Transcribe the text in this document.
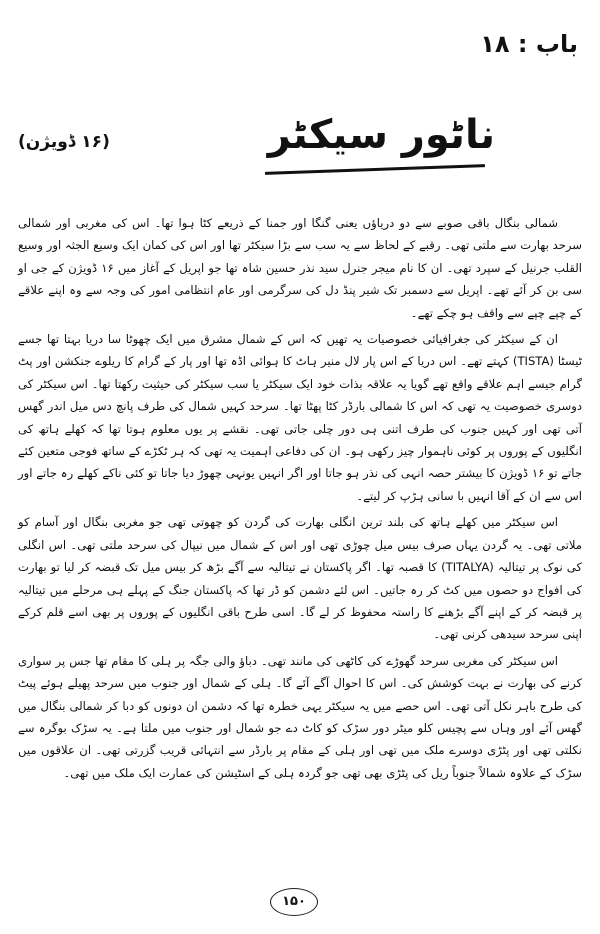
باب : ۱۸
ناٹور سیکٹر
(۱۶ ڈویژن)

شمالی بنگال باقی صوبے سے دو دریاؤں یعنی گنگا اور جمنا کے ذریعے کٹا ہوا تھا۔ اس کی مغربی اور شمالی سرحد بھارت سے ملتی تھی۔ رقبے کے لحاظ سے یہ سب سے بڑا سیکٹر تھا اور اس کی کمان ایک وسیع الجثہ اور وسیع القلب جرنیل کے سپرد تھی۔ ان کا نام میجر جنرل سید نذر حسین شاہ تھا جو اپریل کے آغاز میں ۱۶ ڈویژن کے جی او سی بن کر آئے تھے۔ اپریل سے دسمبر تک شیر پنڈ دل کی سرگرمی اور عام انتظامی امور کی وجہ سے وہ اپنے علاقے کے چپے چپے سے واقف ہو چکے تھے۔

ان کے سیکٹر کی جغرافیائی خصوصیات یہ تھیں کہ اس کے شمال مشرق میں ایک چھوٹا سا دریا بہتا تھا جسے ٹیسٹا (TISTA) کہتے تھے۔ اس دریا کے اس پار لال منیر ہاٹ کا ہوائی اڈہ تھا اور پار کے گرام کا ریلوے جنکشن اور پٹ گرام جیسے اہم علاقے واقع تھے گویا یہ علاقہ بذات خود ایک سیکٹر یا سب سیکٹر کی حیثیت رکھتا تھا۔ اس سیکٹر کی دوسری خصوصیت یہ تھی کہ اس کا شمالی بارڈر کٹا پھٹا تھا۔ سرحد کہیں شمال کی طرف پانچ دس میل اندر گھس آتی تھی اور کہیں جنوب کی طرف اتنی ہی دور چلی جاتی تھی۔ نقشے پر یوں معلوم ہوتا تھا کہ کھلے ہاتھ کی انگلیوں کے پوروں پر کوئی ناہموار چیز رکھی ہو۔ ان کی دفاعی اہمیت یہ تھی کہ ہر ٹکڑے کے ساتھ فوجی متعین کئے جاتے تو ۱۶ ڈویژن کا بیشتر حصہ انہی کی نذر ہو جاتا اور اگر انہیں یونہی چھوڑ دیا جاتا تو کئی ناکے کھلے رہ جاتے اور اس سے ان کے آقا انہیں با سانی ہڑپ کر لیتے۔

اس سیکٹر میں کھلے ہاتھ کی بلند ترین انگلی بھارت کی گردن کو چھوتی تھی جو مغربی بنگال اور آسام کو ملاتی تھی۔ یہ گردن یہاں صرف بیس میل چوڑی تھی اور اس کے شمال میں نیپال کی سرحد ملتی تھی۔ اس انگلی کی نوک پر تیتالیہ (TITALYA) کا قصبہ تھا۔ اگر پاکستان نے تیتالیہ سے آگے بڑھ کر بیس میل تک قبضہ کر لیا تو بھارت کی افواج دو حصوں میں کٹ کر رہ جاتیں۔ اس لئے دشمن کو ڈر تھا کہ پاکستان جنگ کے پہلے ہی مرحلے میں تیتالیہ پر قبضہ کر کے اپنے آگے بڑھنے کا راستہ محفوظ کر لے گا۔ اسی طرح باقی انگلیوں کے پوروں پر بھی اسے قلم کرکے اپنی سرحد سیدھی کرنی تھی۔

اس سیکٹر کی مغربی سرحد گھوڑے کی کاٹھی کی مانند تھی۔ دباؤ والی جگہ پر ہلی کا مقام تھا جس پر سواری کرنے کی بھارت نے بہت کوشش کی۔ اس کا احوال آگے آئے گا۔ ہلی کے شمال اور جنوب میں سرحد پھیلے ہوئے پیٹ کی طرح باہر نکل آتی تھی۔ اس حصے میں یہ سیکٹر یہی خطرہ تھا کہ دشمن ان دونوں کو دبا کر شمالی بنگال میں گھس آئے اور وہاں سے پچیس کلو میٹر دور سڑک کو کاٹ دے جو شمال اور جنوب میں ملتا ہے۔ یہ سڑک بوگرہ سے نکلتی تھی اور پٹڑی دوسرے ملک میں تھی اور ہلی کے مقام پر بارڈر سے انتہائی قریب گزرتی تھی۔ ان علاقوں میں سڑک کے علاوہ شمالاً جنوباً ریل کی پٹڑی بھی تھی جو گردہ ہلی کے اسٹیشن کی عمارت ایک ملک میں تھی۔

۱۵۰
